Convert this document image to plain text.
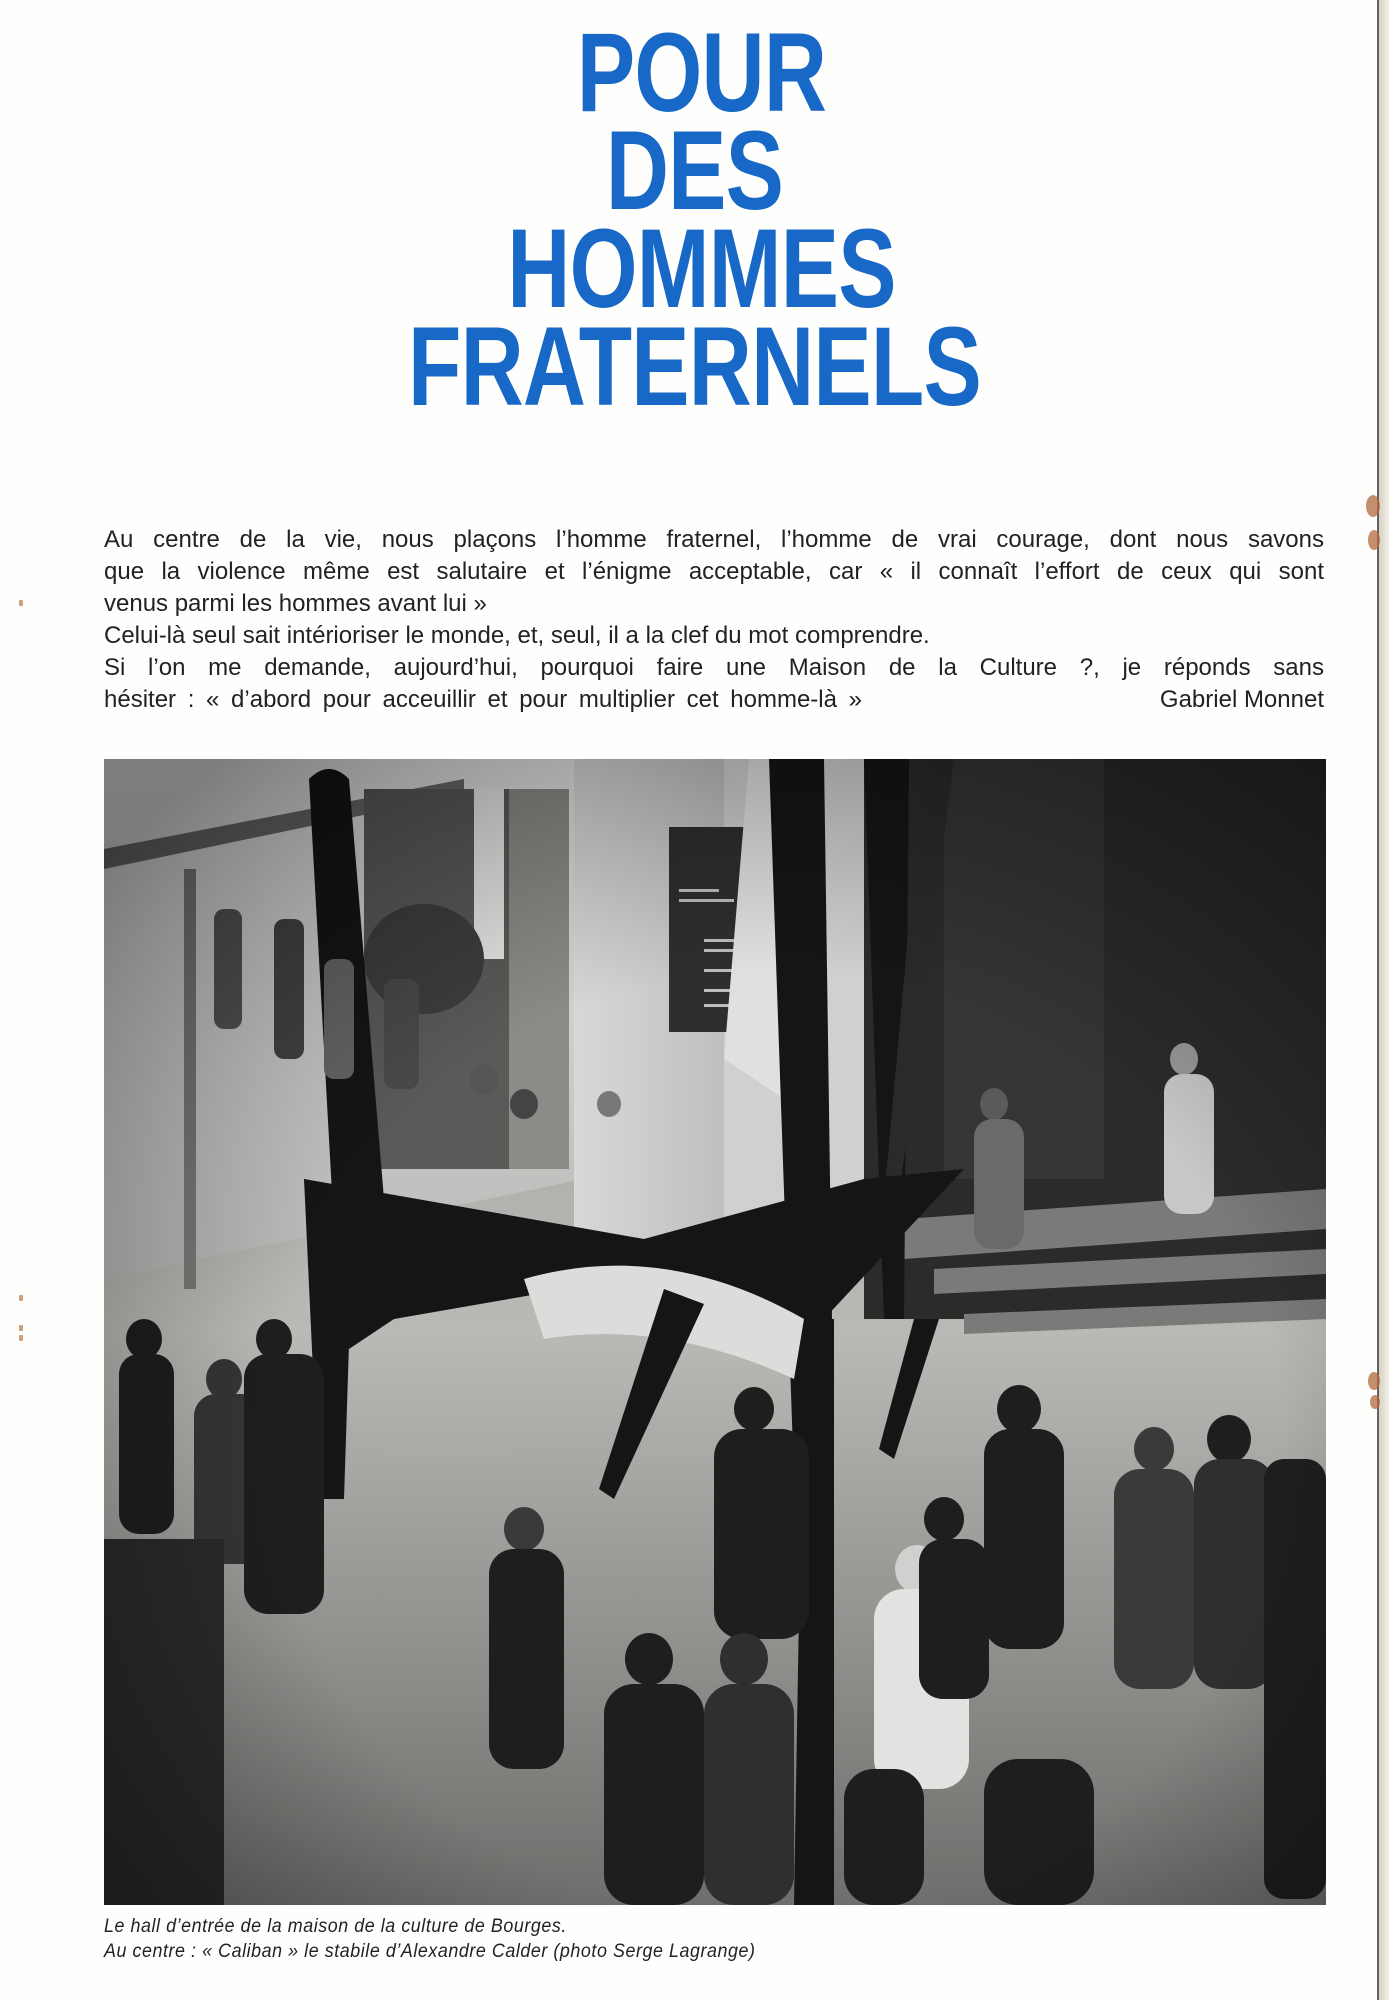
POUR
DES
HOMMES
FRATERNELS
Au centre de la vie, nous plaçons l’homme fraternel, l’homme de vrai courage, dont nous savons
que la violence même est salutaire et l’énigme acceptable, car « il connaît l’effort de ceux qui sont
venus parmi les hommes avant lui »
Celui-là seul sait intérioriser le monde, et, seul, il a la clef du mot comprendre.
Si l’on me demande, aujourd’hui, pourquoi faire une Maison de la Culture ?, je réponds sans
hésiter : « d’abord pour acceuillir et pour multiplier cet homme-là »	Gabriel Monnet
Le hall d’entrée de la maison de la culture de Bourges.
Au centre : « Caliban » le stabile d’Alexandre Calder (photo Serge Lagrange)
